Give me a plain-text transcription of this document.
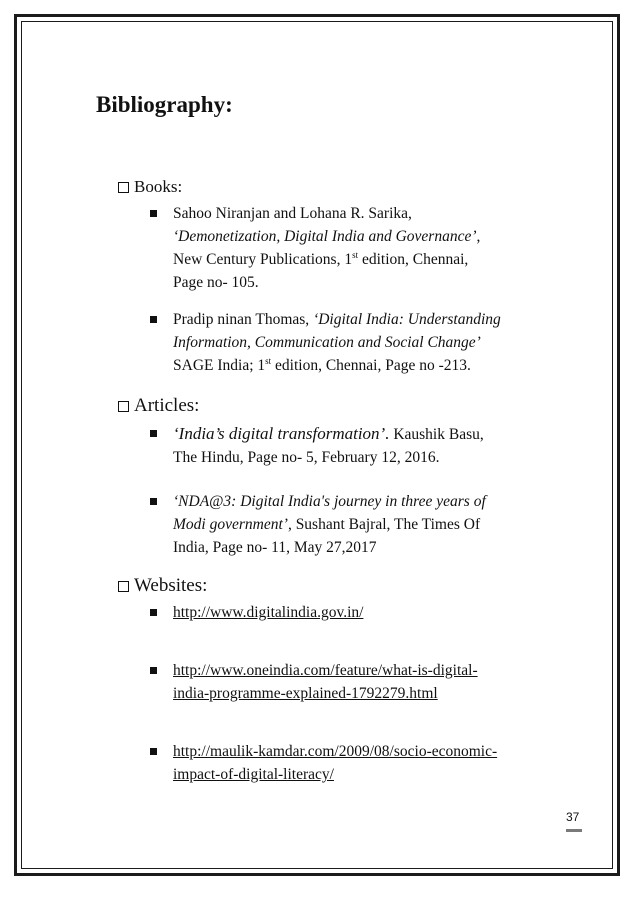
Bibliography:
Books:
Sahoo Niranjan and Lohana R. Sarika,
‘Demonetization, Digital India and Governance’,
New Century Publications, 1st edition, Chennai,
Page no- 105.
Pradip ninan Thomas, ‘Digital India: Understanding
Information, Communication and Social Change’
SAGE India; 1st edition, Chennai, Page no -213.
Articles:
‘India’s digital transformation’. Kaushik Basu,
The Hindu, Page no- 5, February 12, 2016.
‘NDA@3: Digital India's journey in three years of
Modi government’, Sushant Bajral, The Times Of
India, Page no- 11, May 27,2017
Websites:
http://www.digitalindia.gov.in/
http://www.oneindia.com/feature/what-is-digital-
india-programme-explained-1792279.html
http://maulik-kamdar.com/2009/08/socio-economic-
impact-of-digital-literacy/
37
